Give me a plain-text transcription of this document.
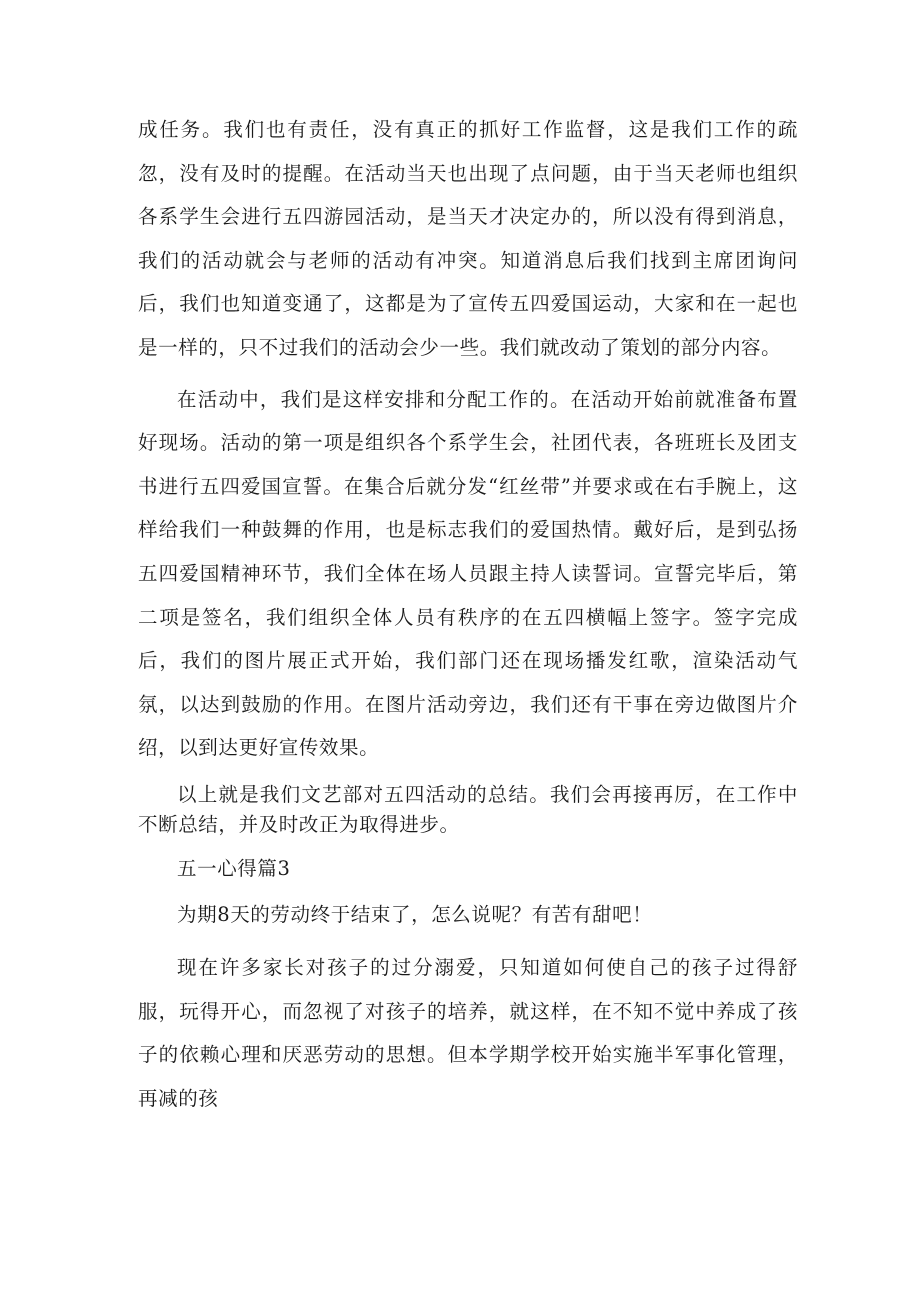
成任务。我们也有责任，没有真正的抓好工作监督，这是我们工作的疏忽，没有及时的提醒。在活动当天也出现了点问题，由于当天老师也组织各系学生会进行五四游园活动，是当天才决定办的，所以没有得到消息，我们的活动就会与老师的活动有冲突。知道消息后我们找到主席团询问后，我们也知道变通了，这都是为了宣传五四爱国运动，大家和在一起也是一样的，只不过我们的活动会少一些。我们就改动了策划的部分内容。

在活动中，我们是这样安排和分配工作的。在活动开始前就准备布置好现场。活动的第一项是组织各个系学生会，社团代表，各班班长及团支书进行五四爱国宣誓。在集合后就分发“红丝带”并要求或在右手腕上，这样给我们一种鼓舞的作用，也是标志我们的爱国热情。戴好后，是到弘扬五四爱国精神环节，我们全体在场人员跟主持人读誓词。宣誓完毕后，第二项是签名，我们组织全体人员有秩序的在五四横幅上签字。签字完成后，我们的图片展正式开始，我们部门还在现场播发红歌，渲染活动气氛，以达到鼓励的作用。在图片活动旁边，我们还有干事在旁边做图片介绍，以到达更好宣传效果。

以上就是我们文艺部对五四活动的总结。我们会再接再厉，在工作中不断总结，并及时改正为取得进步。

五一心得篇3

为期8天的劳动终于结束了，怎么说呢？有苦有甜吧！

现在许多家长对孩子的过分溺爱，只知道如何使自己的孩子过得舒服，玩得开心，而忽视了对孩子的培养，就这样，在不知不觉中养成了孩子的依赖心理和厌恶劳动的思想。但本学期学校开始实施半军事化管理，再减的孩
